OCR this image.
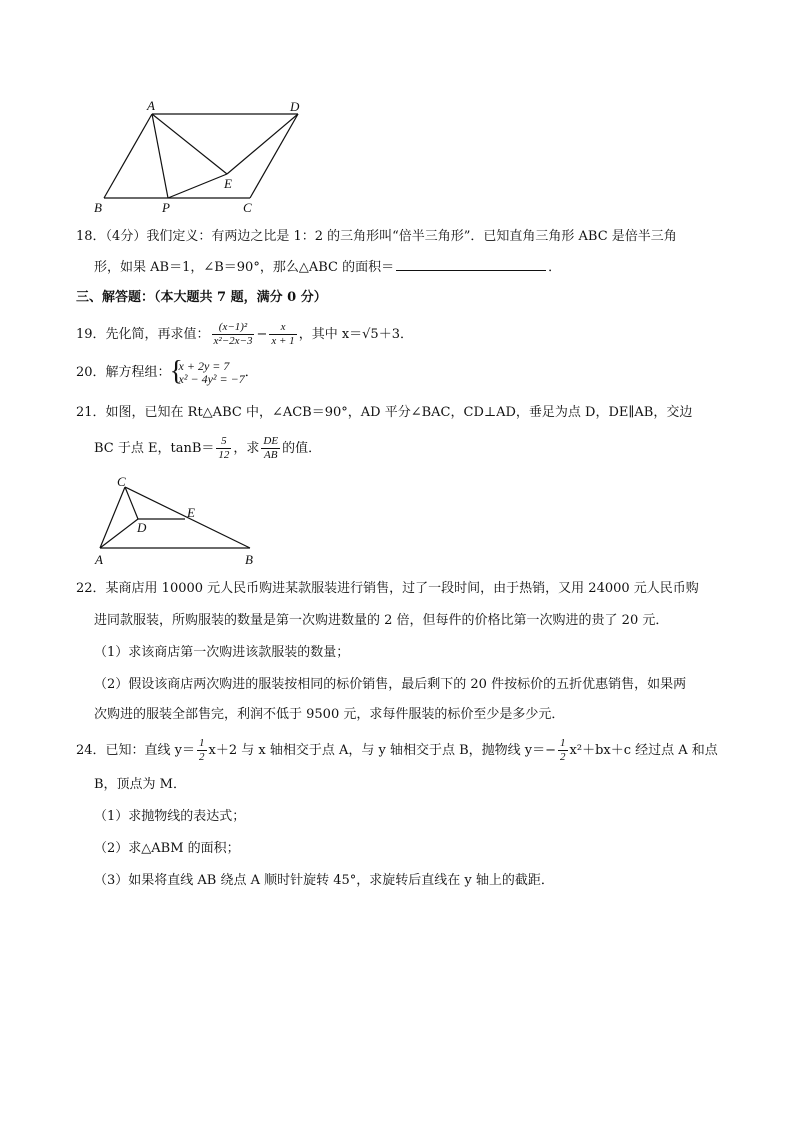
A	D
E
B	P	C
18．（4分）我们定义：有两边之比是 1：2 的三角形叫“倍半三角形”．已知直角三角形 ABC 是倍半三角
形，如果 AB＝1，∠B＝90°，那么△ABC 的面积＝	．
三、解答题：（本大题共 7 题，满分 0 分）
19．先化简，再求值： $\frac{\text{(x−1)²}}{\text{x²−2x−3}} - \frac{x}{x + 1}$ ，其中 x＝√5＋3．
20．解方程组：
{ x + 2y = 7
x² − 4y² = −7 ．
21．如图，已知在 Rt△ABC 中，∠ACB＝90°，AD 平分∠BAC，CD⊥AD，垂足为点 D，DE∥AB，交边
BC 于点 E，$\tan B= \frac{5}{12}$ ，求 $\frac{DE}{AB}$ 的值．
C
D
E
A	B
22．某商店用 10000 元人民币购进某款服装进行销售，过了一段时间，由于热销，又用 24000 元人民币购
进同款服装，所购服装的数量是第一次购进数量的 2 倍，但每件的价格比第一次购进的贵了 20 元．
（1）求该商店第一次购进该款服装的数量；
（2）假设该商店两次购进的服装按相同的标价销售，最后剩下的 20 件按标价的五折优惠销售，如果两
次购进的服装全部售完，利润不低于 9500 元，求每件服装的标价至少是多少元．
24．已知：直线 $y= \frac{1}{2} x+2$ 与 x 轴相交于点 A，与 y 轴相交于点 B，抛物线 $y=- \frac{1}{2} x^2+bx+c$ 经过点 A 和点
B，顶点为 M．
（1）求抛物线的表达式；
（2）求△ABM 的面积；
（3）如果将直线 AB 绕点 A 顺时针旋转 45°，求旋转后直线在 y 轴上的截距．
